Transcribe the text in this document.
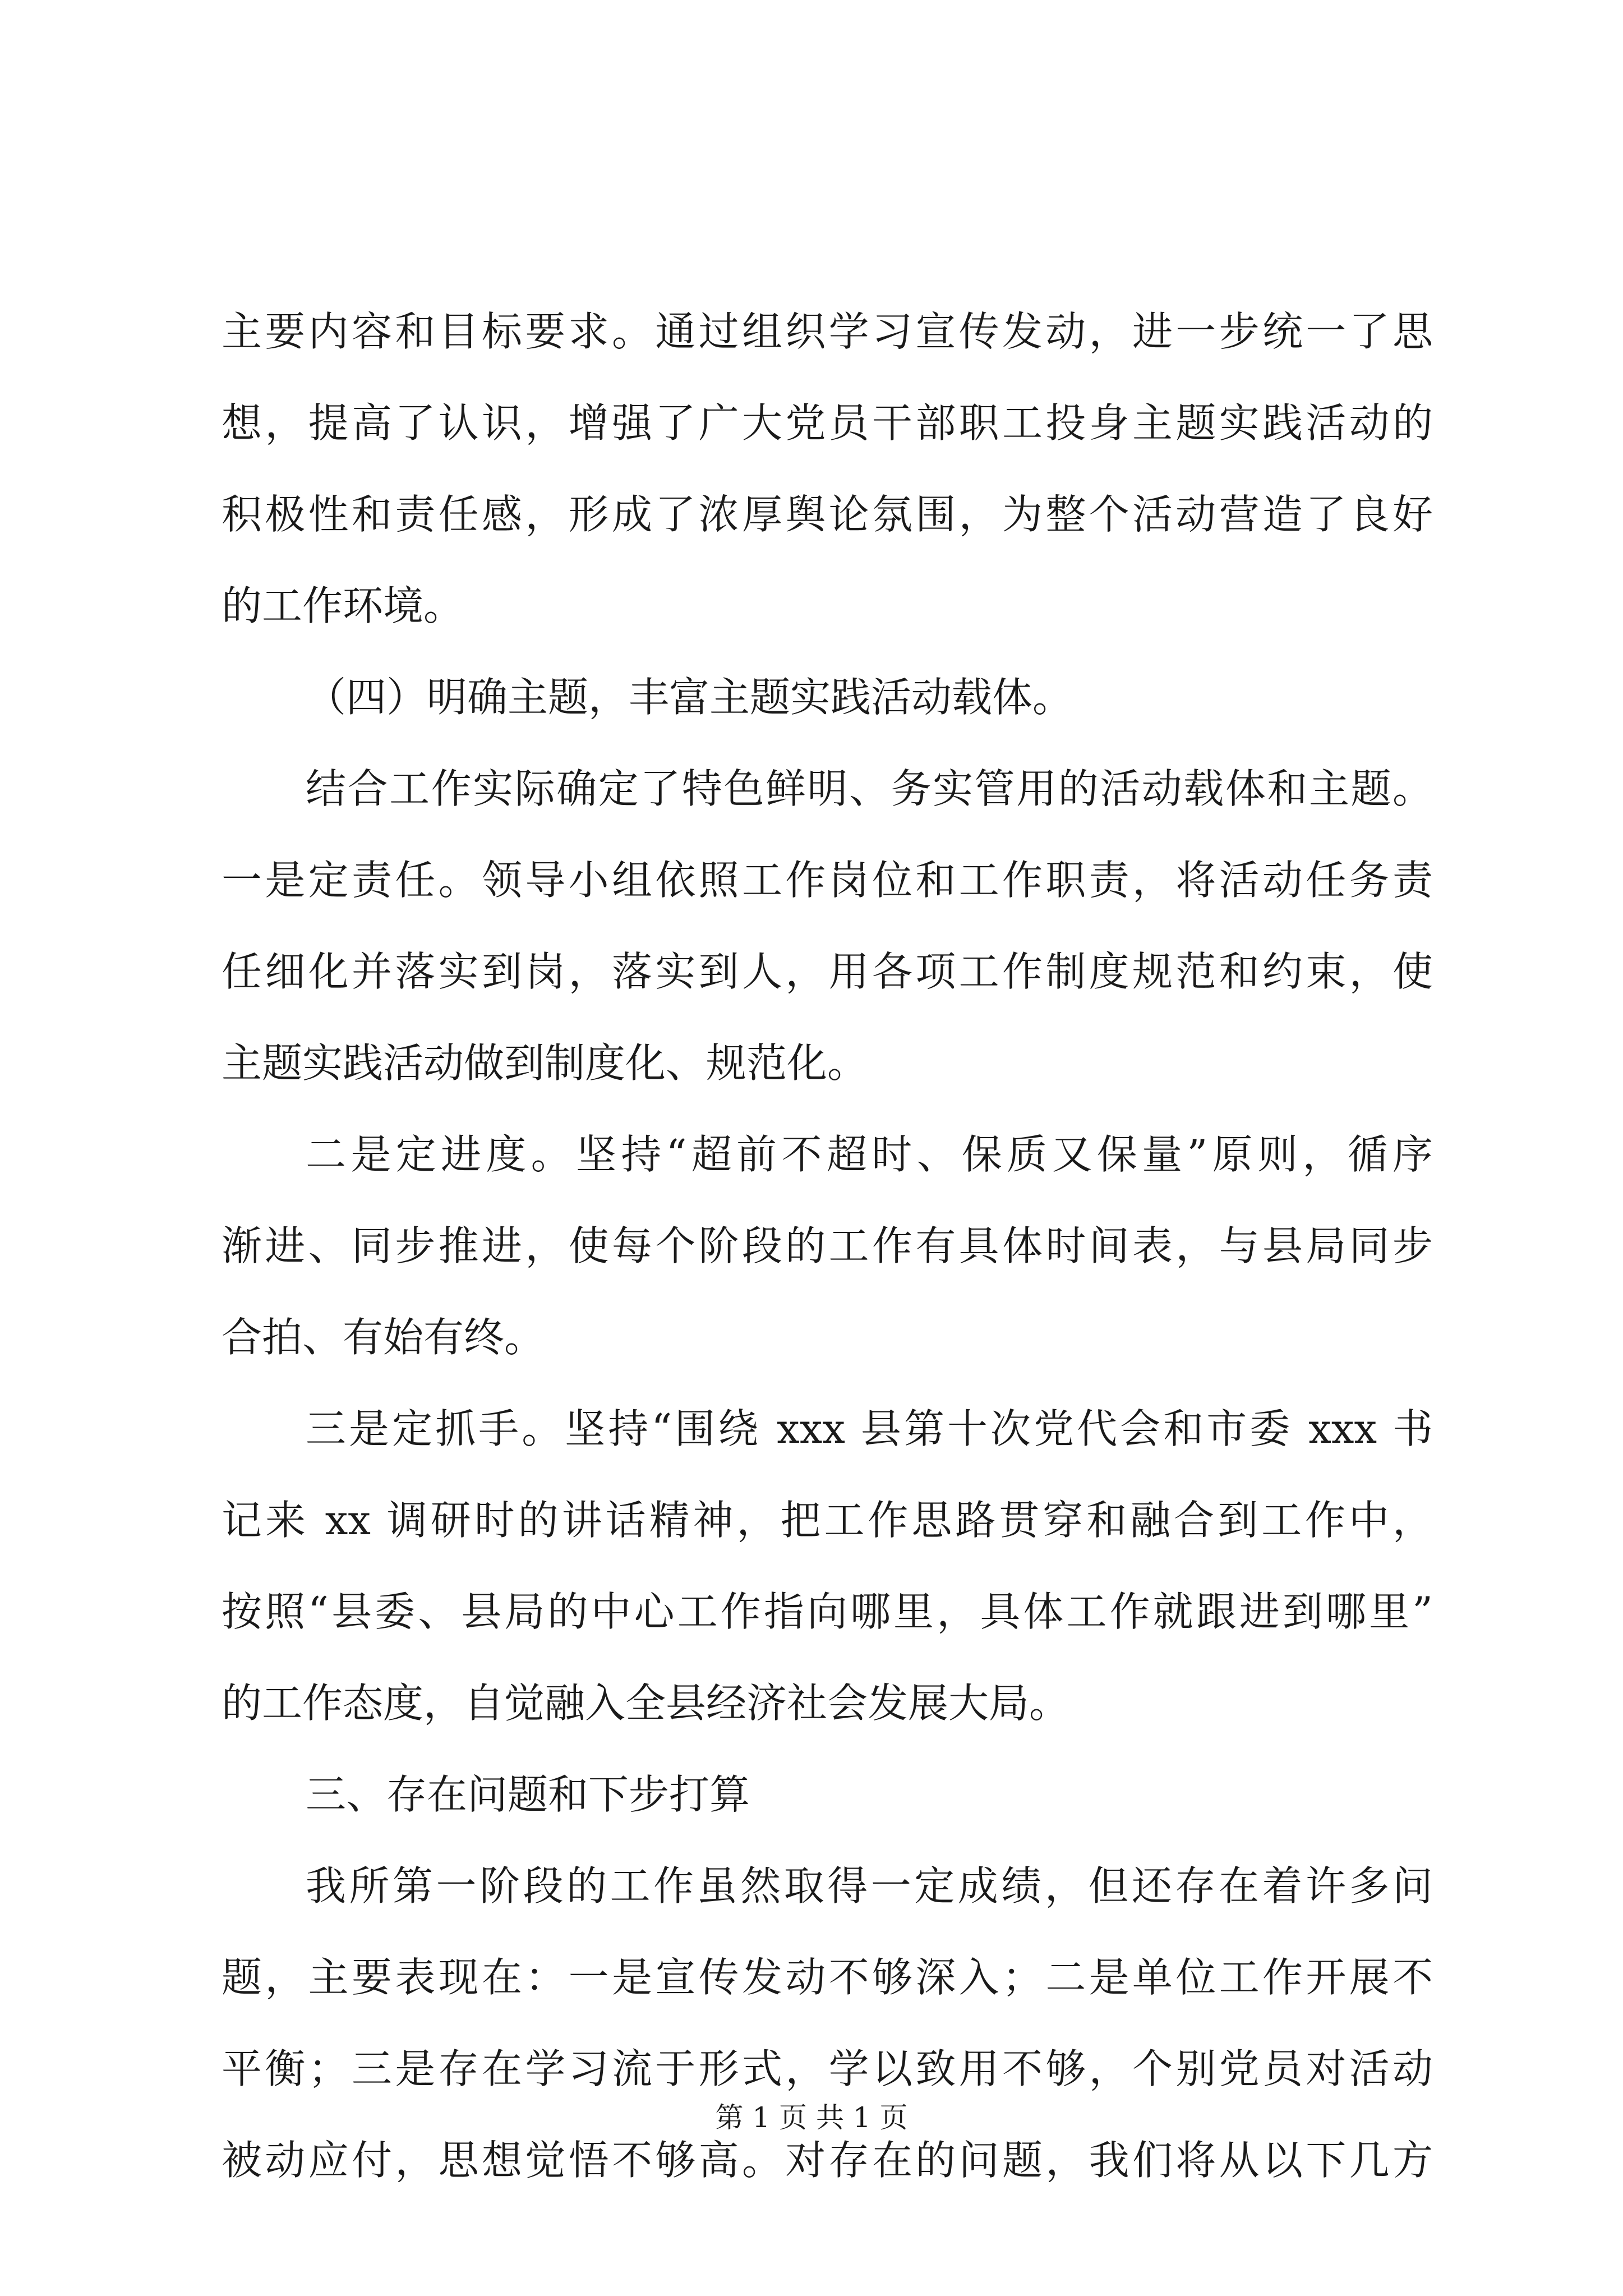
主要内容和目标要求。通过组织学习宣传发动，进一步统一了思
想，提高了认识，增强了广大党员干部职工投身主题实践活动的
积极性和责任感，形成了浓厚舆论氛围，为整个活动营造了良好
的工作环境。
（四）明确主题，丰富主题实践活动载体。
结合工作实际确定了特色鲜明、务实管用的活动载体和主题。
一是定责任。领导小组依照工作岗位和工作职责，将活动任务责
任细化并落实到岗，落实到人，用各项工作制度规范和约束，使
主题实践活动做到制度化、规范化。
二是定进度。坚持“超前不超时、保质又保量”原则，循序
渐进、同步推进，使每个阶段的工作有具体时间表，与县局同步
合拍、有始有终。
三是定抓手。坚持“围绕 xxx 县第十次党代会和市委 xxx 书
记来 xx 调研时的讲话精神，把工作思路贯穿和融合到工作中，
按照“县委、县局的中心工作指向哪里，具体工作就跟进到哪里”
的工作态度，自觉融入全县经济社会发展大局。
三、存在问题和下步打算
我所第一阶段的工作虽然取得一定成绩，但还存在着许多问
题，主要表现在：一是宣传发动不够深入；二是单位工作开展不
平衡；三是存在学习流于形式，学以致用不够，个别党员对活动
被动应付，思想觉悟不够高。对存在的问题，我们将从以下几方
第 1 页 共 1 页
